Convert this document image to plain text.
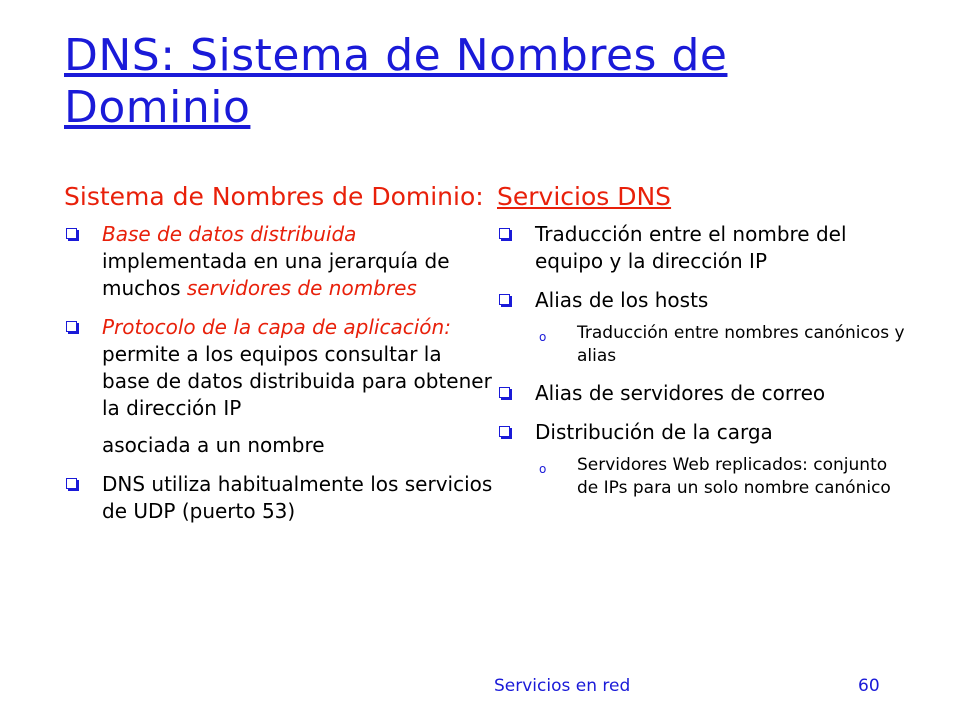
DNS: Sistema de Nombres de Dominio
Sistema de Nombres de Dominio:
Base de datos distribuida implementada en una jerarquía de muchos servidores de nombres
Protocolo de la capa de aplicación: permite a los equipos consultar la base de datos distribuida para obtener la dirección IP
asociada a un nombre
DNS utiliza habitualmente los servicios de UDP (puerto 53)
Servicios DNS
Traducción entre el nombre del equipo y la dirección IP
Alias de los hosts
o Traducción entre nombres canónicos y alias
Alias de servidores de correo
Distribución de la carga
o Servidores Web replicados: conjunto de IPs para un solo nombre canónico
Servicios en red	60
